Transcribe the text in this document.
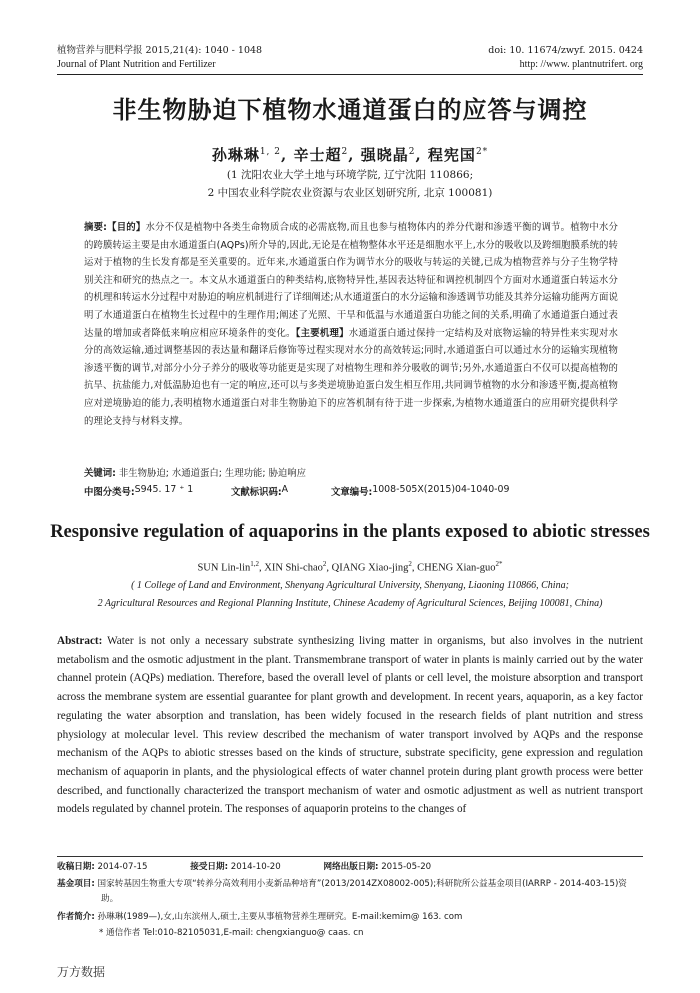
植物营养与肥料学报 2015,21(4): 1040 - 1048	doi: 10. 11674/zwyf. 2015. 0424
Journal of Plant Nutrition and Fertilizer	http: //www. plantnutrifert. org
非生物胁迫下植物水通道蛋白的应答与调控
孙琳琳$^{1, 2}$, 辛士超$^2$, 强晓晶$^2$, 程宪国$^{2*}$
(1 沈阳农业大学土地与环境学院, 辽宁沈阳 110866;
2 中国农业科学院农业资源与农业区划研究所, 北京 100081)
摘要:【目的】水分不仅是植物中各类生命物质合成的必需底物,而且也参与植物体内的养分代谢和渗透平衡的调节。植物中水分的跨膜转运主要是由水通道蛋白(AQPs)所介导的,因此,无论是在植物整体水平还是细胞水平上,水分的吸收以及跨细胞膜系统的转运对于植物的生长发育都是至关重要的。近年来,水通道蛋白作为调节水分的吸收与转运的关键,已成为植物营养与分子生物学特别关注和研究的热点之一。本文从水通道蛋白的种类结构,底物特异性,基因表达特征和调控机制四个方面对水通道蛋白转运水分的机理和转运水分过程中对胁迫的响应机制进行了详细阐述;从水通道蛋白的水分运输和渗透调节功能及其养分运输功能两方面说明了水通道蛋白在植物生长过程中的生理作用;阐述了光照、干旱和低温与水通道蛋白功能之间的关系,明确了水通道蛋白通过表达量的增加或者降低来响应相应环境条件的变化。【主要机理】水通道蛋白通过保持一定结构及对底物运输的特异性来实现对水分的高效运输,通过调整基因的表达量和翻译后修饰等过程实现对水分的高效转运;同时,水通道蛋白可以通过水分的运输实现植物渗透平衡的调节,对部分小分子养分的吸收等功能更是实现了对植物生理和养分吸收的调节;另外,水通道蛋白不仅可以提高植物的抗旱、抗盐能力,对低温胁迫也有一定的响应,还可以与多类逆境胁迫蛋白发生相互作用,共同调节植物的水分和渗透平衡,提高植物应对逆境胁迫的能力,表明植物水通道蛋白对非生物胁迫下的应答机制有待于进一步探索,为植物水通道蛋白的应用研究提供科学的理论支持与材料支撑。
关键词: 非生物胁迫; 水通道蛋白; 生理功能; 胁迫响应
中图分类号: S945. 17 ⁺ 1	文献标识码: A	文章编号: 1008-505X(2015)04-1040-09
Responsive regulation of aquaporins in the plants exposed to abiotic stresses
SUN Lin-lin$^{1,2}$, XIN Shi-chao$^2$, QIANG Xiao-jing$^2$, CHENG Xian-guo$^{2*}$
( 1 College of Land and Environment, Shenyang Agricultural University, Shenyang, Liaoning 110866, China;
2 Agricultural Resources and Regional Planning Institute, Chinese Academy of Agricultural Sciences, Beijing 100081, China)
Abstract: Water is not only a necessary substrate synthesizing living matter in organisms, but also involves in the nutrient metabolism and the osmotic adjustment in the plant. Transmembrane transport of water in plants is mainly carried out by the water channel protein (AQPs) mediation. Therefore, based the overall level of plants or cell level, the moisture absorption and transport across the membrane system are essential guarantee for plant growth and development. In recent years, aquaporin, as a key factor regulating the water absorption and translation, has been widely focused in the research fields of plant nutrition and stress physiology at molecular level. This review described the mechanism of water transport involved by AQPs and the response mechanism of the AQPs to abiotic stresses based on the kinds of structure, substrate specificity, gene expression and regulation mechanism of aquaporin in plants, and the physiological effects of water channel protein during plant growth process were better described, and functionally characterized the transport mechanism of water and osmotic adjustment as well as nutrient transport models regulated by channel protein. The responses of aquaporin proteins to the changes of
收稿日期: 2014-07-15	接受日期: 2014-10-20	网络出版日期: 2015-05-20
基金项目: 国家转基因生物重大专项“转养分高效利用小麦新品种培育”(2013/2014ZX08002-005);科研院所公益基金项目(IARRP - 2014-403-15)资助。
作者简介: 孙琳琳(1989—),女,山东滨州人,硕士,主要从事植物营养生理研究。E-mail:kemim@ 163. com
* 通信作者 Tel:010-82105031,E-mail: chengxianguo@ caas. cn
万方数据
